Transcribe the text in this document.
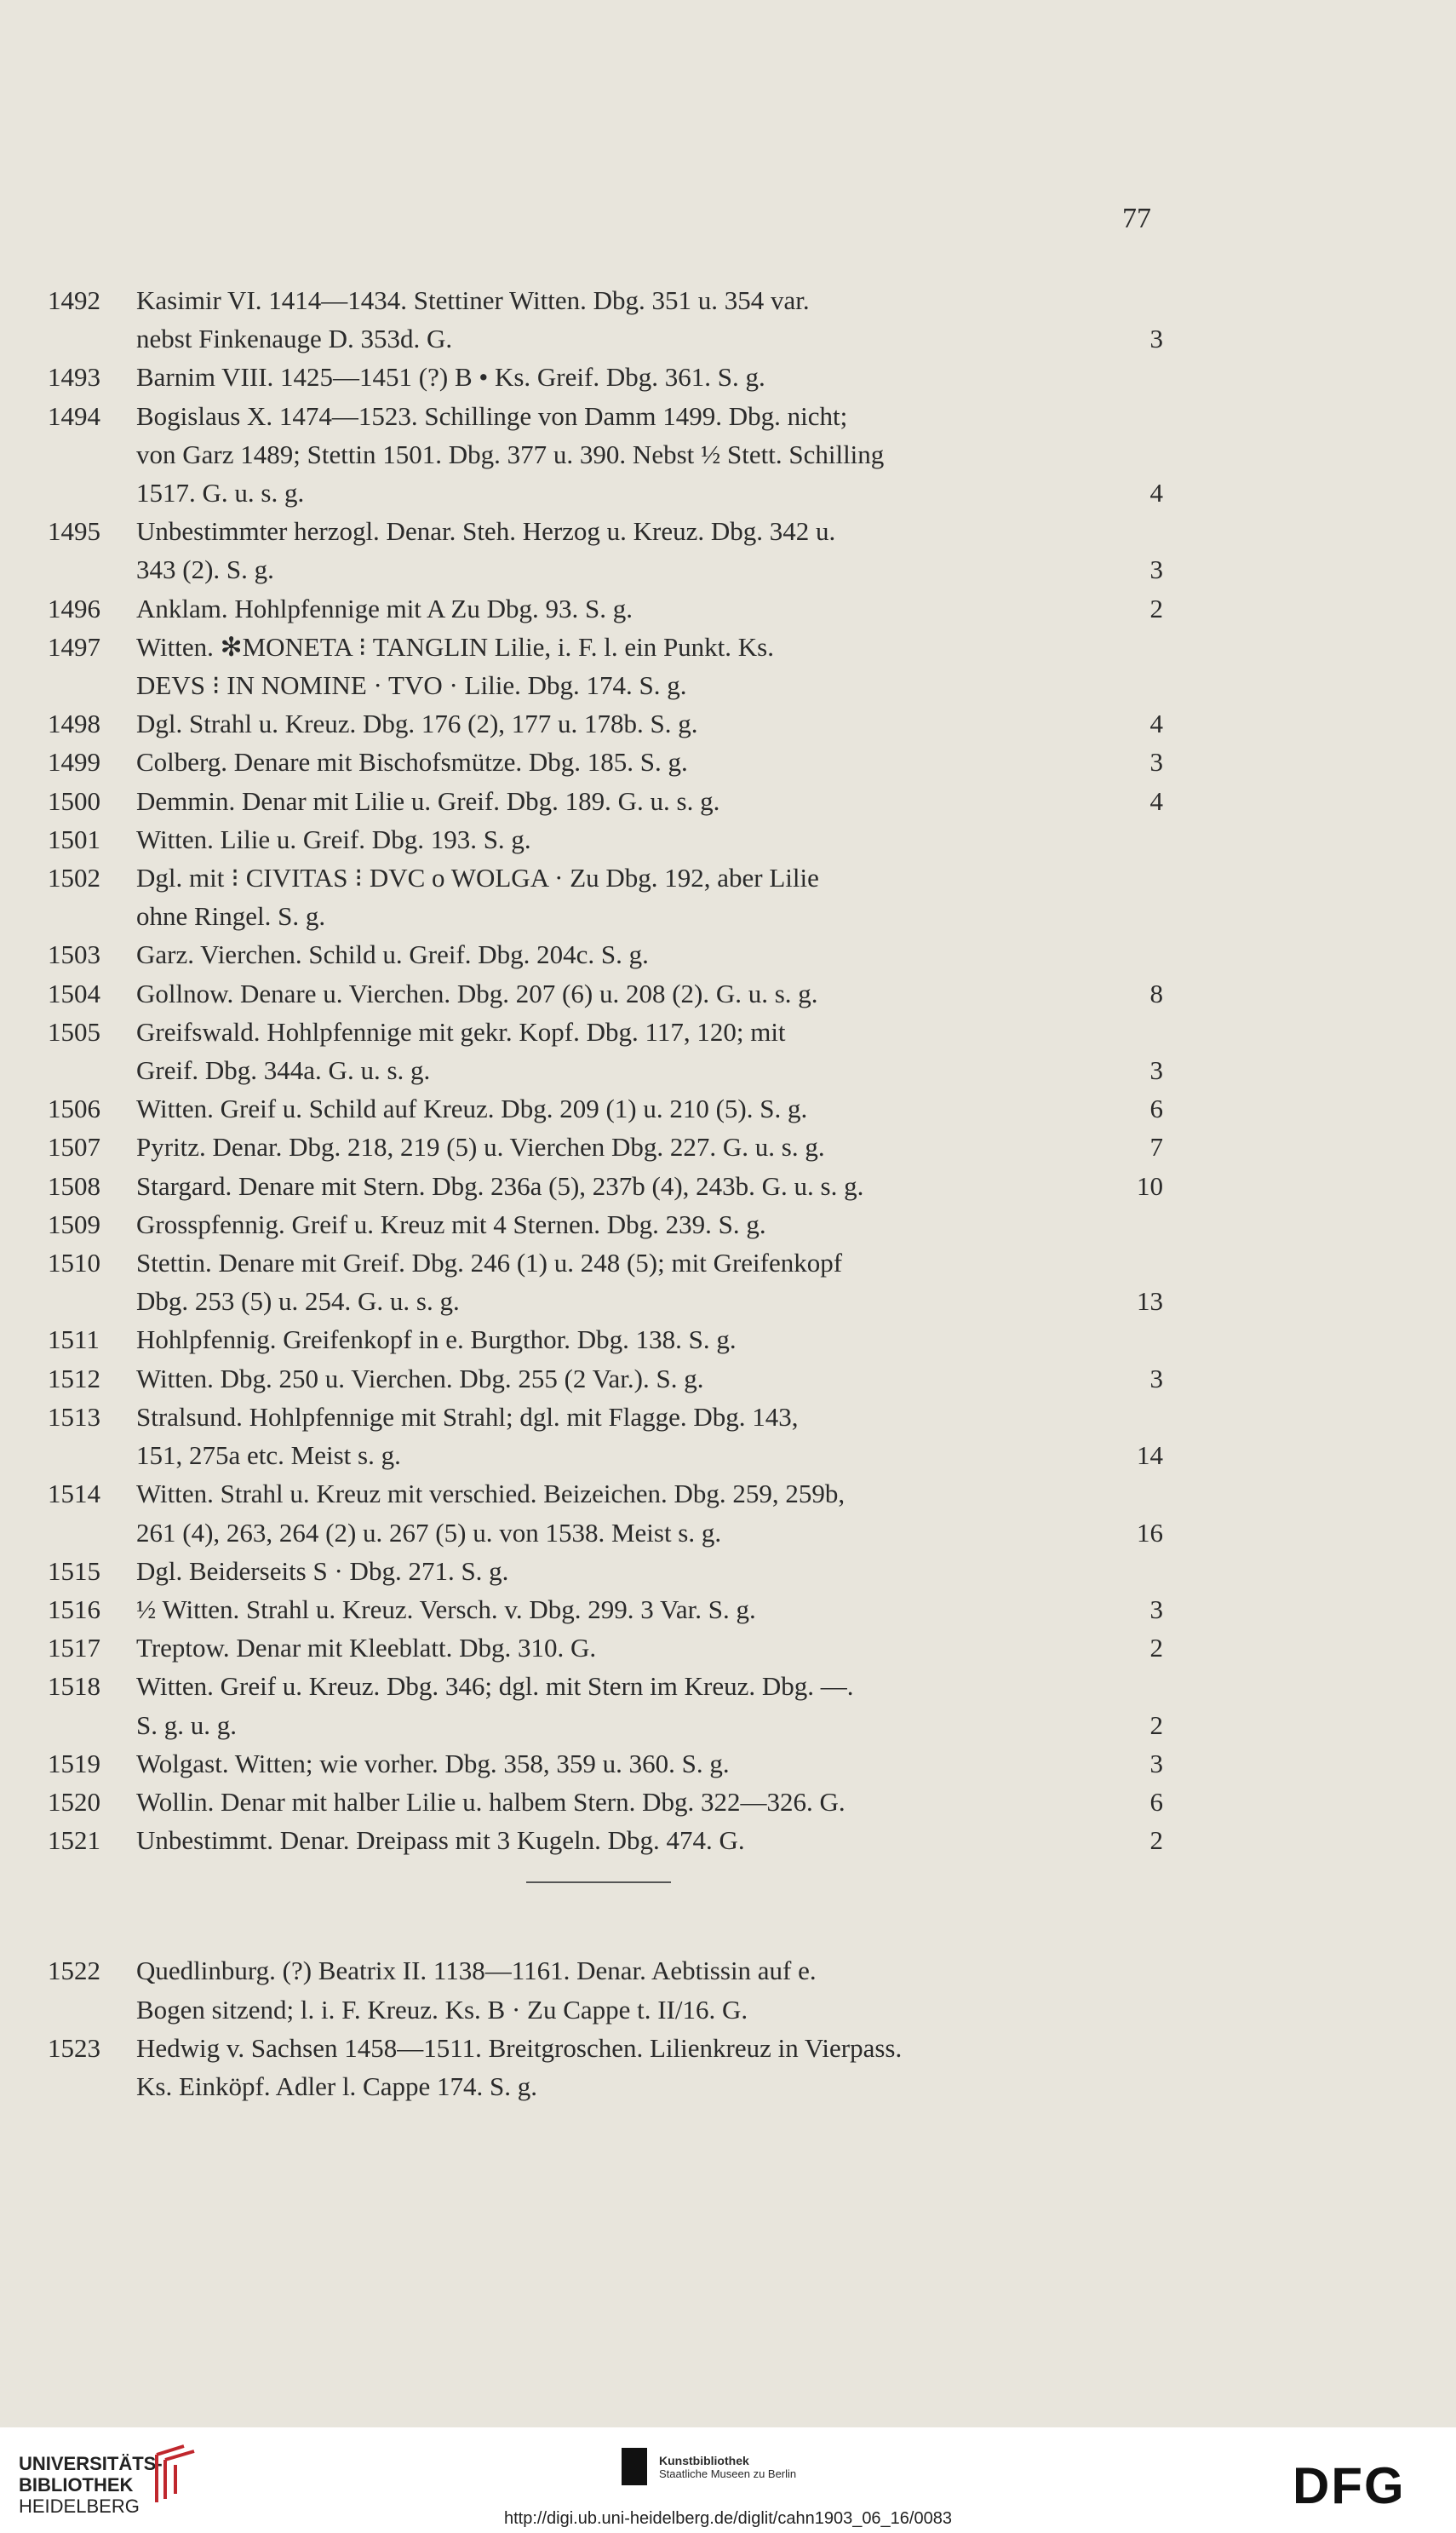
77
1492	Kasimir VI. 1414—1434. Stettiner Witten. Dbg. 351 u. 354 var.
nebst Finkenauge D. 353d. G.	3
1493	Barnim VIII. 1425—1451 (?) B • Ks. Greif. Dbg. 361. S. g.
1494	Bogislaus X. 1474—1523. Schillinge von Damm 1499. Dbg. nicht;
von Garz 1489; Stettin 1501. Dbg. 377 u. 390. Nebst ½ Stett. Schilling
1517. G. u. s. g.	4
1495	Unbestimmter herzogl. Denar. Steh. Herzog u. Kreuz. Dbg. 342 u.
343 (2). S. g.	3
1496	Anklam. Hohlpfennige mit A Zu Dbg. 93. S. g.	2
1497	Witten. ✻MONETA ⁝ TANGLIN Lilie, i. F. l. ein Punkt. Ks.
DEVS ⁝ IN NOMINE · TVO · Lilie. Dbg. 174. S. g.
1498	Dgl. Strahl u. Kreuz. Dbg. 176 (2), 177 u. 178b. S. g.	4
1499	Colberg. Denare mit Bischofsmütze. Dbg. 185. S. g.	3
1500	Demmin. Denar mit Lilie u. Greif. Dbg. 189. G. u. s. g.	4
1501	Witten. Lilie u. Greif. Dbg. 193. S. g.
1502	Dgl. mit ⁝ CIVITAS ⁝ DVC o WOLGA · Zu Dbg. 192, aber Lilie
ohne Ringel. S. g.
1503	Garz. Vierchen. Schild u. Greif. Dbg. 204c. S. g.
1504	Gollnow. Denare u. Vierchen. Dbg. 207 (6) u. 208 (2). G. u. s. g.	8
1505	Greifswald. Hohlpfennige mit gekr. Kopf. Dbg. 117, 120; mit
Greif. Dbg. 344a. G. u. s. g.	3
1506	Witten. Greif u. Schild auf Kreuz. Dbg. 209 (1) u. 210 (5). S. g.	6
1507	Pyritz. Denar. Dbg. 218, 219 (5) u. Vierchen Dbg. 227. G. u. s. g.	7
1508	Stargard. Denare mit Stern. Dbg. 236a (5), 237b (4), 243b. G. u. s. g.	10
1509	Grosspfennig. Greif u. Kreuz mit 4 Sternen. Dbg. 239. S. g.
1510	Stettin. Denare mit Greif. Dbg. 246 (1) u. 248 (5); mit Greifenkopf
Dbg. 253 (5) u. 254. G. u. s. g.	13
1511	Hohlpfennig. Greifenkopf in e. Burgthor. Dbg. 138. S. g.
1512	Witten. Dbg. 250 u. Vierchen. Dbg. 255 (2 Var.). S. g.	3
1513	Stralsund. Hohlpfennige mit Strahl; dgl. mit Flagge. Dbg. 143,
151, 275a etc. Meist s. g.	14
1514	Witten. Strahl u. Kreuz mit verschied. Beizeichen. Dbg. 259, 259b,
261 (4), 263, 264 (2) u. 267 (5) u. von 1538. Meist s. g.	16
1515	Dgl. Beiderseits S · Dbg. 271. S. g.
1516	½ Witten. Strahl u. Kreuz. Versch. v. Dbg. 299. 3 Var. S. g.	3
1517	Treptow. Denar mit Kleeblatt. Dbg. 310. G.	2
1518	Witten. Greif u. Kreuz. Dbg. 346; dgl. mit Stern im Kreuz. Dbg. —.
S. g. u. g.	2
1519	Wolgast. Witten; wie vorher. Dbg. 358, 359 u. 360. S. g.	3
1520	Wollin. Denar mit halber Lilie u. halbem Stern. Dbg. 322—326. G.	6
1521	Unbestimmt. Denar. Dreipass mit 3 Kugeln. Dbg. 474. G.	2
1522	Quedlinburg. (?) Beatrix II. 1138—1161. Denar. Aebtissin auf e.
Bogen sitzend; l. i. F. Kreuz. Ks. B · Zu Cappe t. II/16. G.
1523	Hedwig v. Sachsen 1458—1511. Breitgroschen. Lilienkreuz in Vierpass.
Ks. Einköpf. Adler l. Cappe 174. S. g.
UNIVERSITÄTS-
BIBLIOTHEK
HEIDELBERG
Kunstbibliothek
Staatliche Museen zu Berlin	DFG
http://digi.ub.uni-heidelberg.de/diglit/cahn1903_06_16/0083
